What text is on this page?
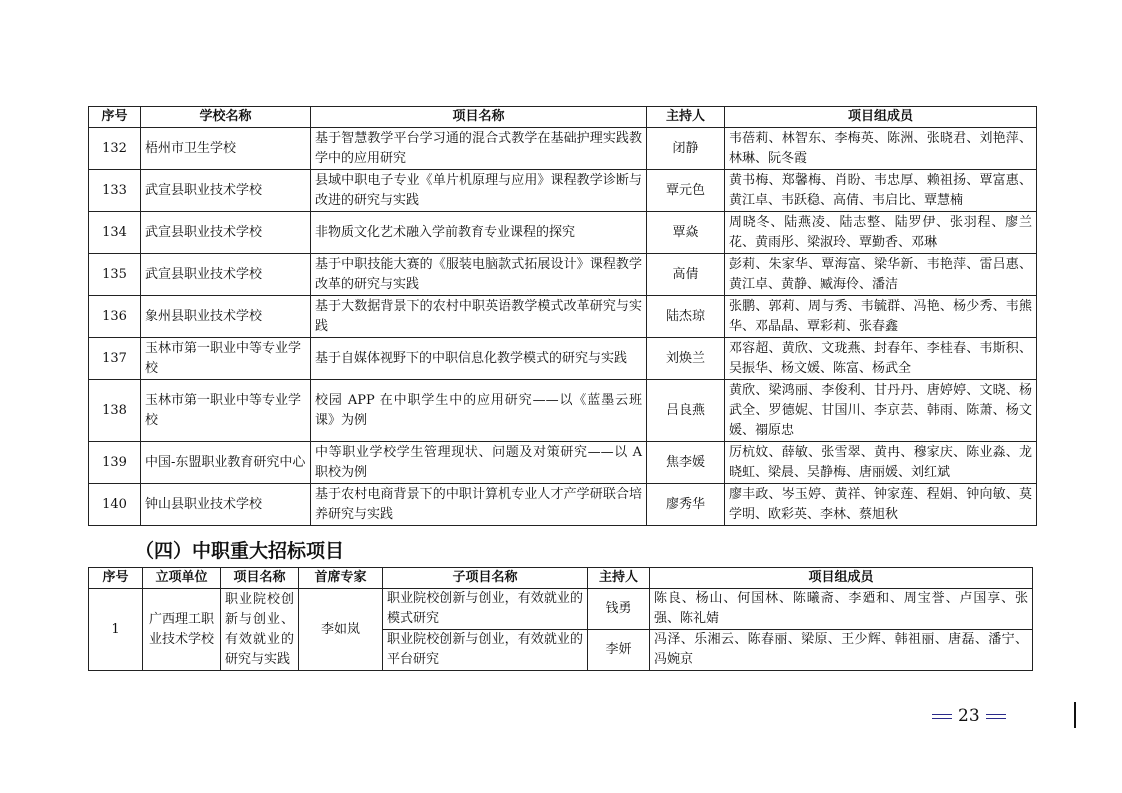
序号	学校名称	项目名称	主持人	项目组成员
132	梧州市卫生学校	基于智慧教学平台学习通的混合式教学在基础护理实践教学中的应用研究	闭静	韦蓓莉、林智东、李梅英、陈洲、张晓君、刘艳萍、林琳、阮冬霞
133	武宣县职业技术学校	县域中职电子专业《单片机原理与应用》课程教学诊断与改进的研究与实践	覃元色	黄书梅、郑馨梅、肖盼、韦忠厚、赖祖扬、覃富惠、黄江卓、韦跃稳、高倩、韦启比、覃慧楠
134	武宣县职业技术学校	非物质文化艺术融入学前教育专业课程的探究	覃焱	周晓冬、陆燕凌、陆志整、陆罗伊、张羽程、廖兰花、黄雨彤、梁淑玲、覃勤香、邓琳
135	武宣县职业技术学校	基于中职技能大赛的《服装电脑款式拓展设计》课程教学改革的研究与实践	高倩	彭莉、朱家华、覃海富、梁华新、韦艳萍、雷吕惠、黄江卓、黄静、臧海伶、潘洁
136	象州县职业技术学校	基于大数据背景下的农村中职英语教学模式改革研究与实践	陆杰琼	张鹏、郭莉、周与秀、韦毓群、冯艳、杨少秀、韦熊华、邓晶晶、覃彩莉、张春鑫
137	玉林市第一职业中等专业学校	基于自媒体视野下的中职信息化教学模式的研究与实践	刘焕兰	邓容超、黄欣、文珑燕、封春年、李桂春、韦斯积、吴振华、杨文媛、陈富、杨武全
138	玉林市第一职业中等专业学校	校园 APP 在中职学生中的应用研究——以《蓝墨云班课》为例	吕良燕	黄欣、梁鸿丽、李俊利、甘丹丹、唐婷婷、文晓、杨武全、罗德妮、甘国川、李京芸、韩雨、陈萧、杨文媛、禤原忠
139	中国-东盟职业教育研究中心	中等职业学校学生管理现状、问题及对策研究——以 A 职校为例	焦李媛	厉杭妏、薛敏、张雪翠、黄冉、穆家庆、陈业淼、龙晓虹、梁晨、吴静梅、唐丽媛、刘红斌
140	钟山县职业技术学校	基于农村电商背景下的中职计算机专业人才产学研联合培养研究与实践	廖秀华	廖丰政、岑玉婷、黄祥、钟家莲、程娟、钟向敏、莫学明、欧彩英、李林、蔡旭秋
（四）中职重大招标项目
序号	立项单位	项目名称	首席专家	子项目名称	主持人	项目组成员
1	广西理工职业技术学校	职业院校创新与创业、有效就业的研究与实践	李如岚	职业院校创新与创业，有效就业的模式研究	钱勇	陈良、杨山、何国林、陈曦斋、李廼和、周宝誉、卢国享、张强、陈礼婧
				职业院校创新与创业，有效就业的平台研究	李妍	冯泽、乐湘云、陈春丽、梁原、王少辉、韩祖丽、唐磊、潘宁、冯婉京
23
